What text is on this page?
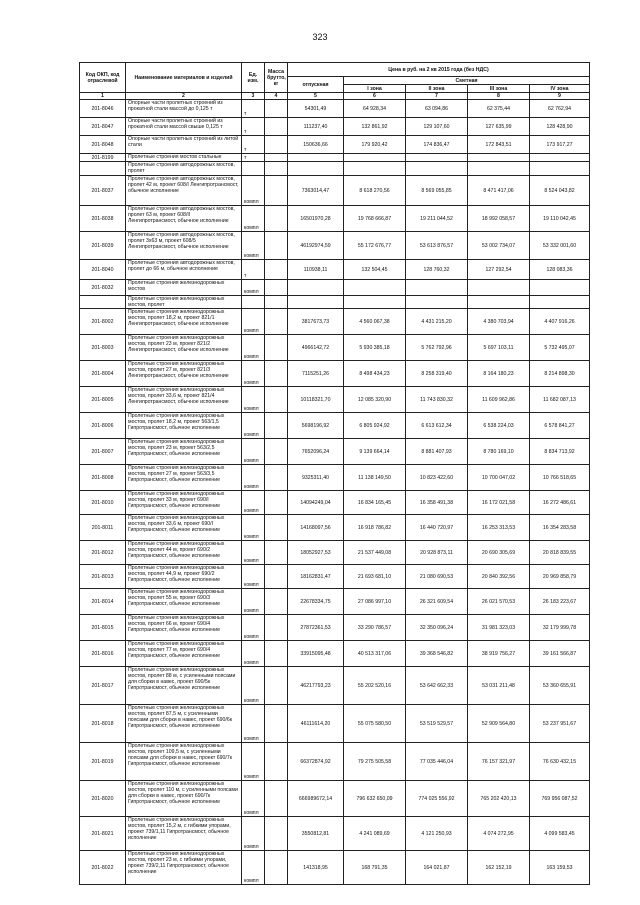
323
Код ОКП, код отраслевой	Наименование материалов и изделий	Ед. изм.	Масса брутто, кг	Цена в руб. на 2 кв 2015 года (без НДС)				
				отпускная	Сметная			
					I зона	II зона	III зона	IV зона
1	2	3	4	5	6	7	8	9
201-8046	Опорные части пролетных строений из прокатной стали массой до 0,125 т	т		54301,49	64 928,34	63 094,86	62 375,44	62 762,94
201-8047	Опорные части пролетных строений из прокатной стали массой свыше 0,125 т	т		111237,40	132 861,92	129 107,60	127 635,99	128 428,90
201-8048	Опорные части пролетных строений из литой стали	т		150636,66	179 920,42	174 836,47	172 843,51	173 917,27
201-8199	Пролетные строения мостов стальные	т						
	Пролетные строения автодорожных мостов, пролет							
201-8037	Пролетные строения автодорожных мостов, пролет 42 м, проект 608/I Ленгипротрансмост, обычное исполнение	компл		7363014,47	8 618 270,56	8 569 055,85	8 471 417,06	8 524 043,82
201-8038	Пролетные строения автодорожных мостов, пролет 63 м, проект 608/II Ленгипротрансмост, обычное исполнение	компл		16501970,28	19 768 666,87	19 211 044,52	18 992 058,57	19 110 042,45
201-8039	Пролетные строения автодорожных мостов, пролет 3х63 м, проект 608/5 Ленгипротрансмост, обычное исполнение	компл		46192974,59	55 172 676,77	53 613 876,57	53 002 734,07	53 332 001,60
201-8040	Пролетные строения автодорожных мостов, пролет до 66 м, обычное исполнение	т		110938,11	132 504,45	128 760,32	127 292,54	128 083,36
201-8032	Пролетные строения железнодорожных мостов	компл						
	Пролетные строения железнодорожных мостов, пролет							
201-8002	Пролетные строения железнодорожных мостов, пролет 18,2 м, проект 821/1 Ленгипротрансмост, обычное исполнение	компл		3817673,73	4 560 067,38	4 431 215,20	4 380 703,94	4 407 916,26
201-8003	Пролетные строения железнодорожных мостов, пролет 23 м, проект 821/2 Ленгипротрансмост, обычное исполнение	компл		4966142,72	5 930 385,18	5 762 792,96	5 697 103,11	5 732 495,07
201-8004	Пролетные строения железнодорожных мостов, пролет 27 м, проект 821/3 Ленгипротрансмост, обычное исполнение	компл		7115251,26	8 498 434,23	8 258 319,40	8 164 180,23	8 214 898,30
201-8005	Пролетные строения железнодорожных мостов, пролет 33,6 м, проект 821/4 Ленгипротрансмост, обычное исполнение	компл		10118321,70	12 085 320,90	11 743 830,32	11 609 962,86	11 682 087,13
201-8006	Пролетные строения железнодорожных мостов, пролет 18,2 м, проект 563/1,5 Гипротрансмост, обычное исполнение	компл		5698196,92	6 805 924,92	6 613 612,34	6 538 224,03	6 578 841,27
201-8007	Пролетные строения железнодорожных мостов, пролет 23 м, проект 563/2,5 Гипротрансмост, обычное исполнение	компл		7652096,24	9 139 664,14	8 881 407,93	8 780 169,10	8 834 713,92
201-8008	Пролетные строения железнодорожных мостов, пролет 27 м, проект 563/3,5 Гипротрансмост, обычное исполнение	компл		9325311,40	11 138 149,50	10 823 422,60	10 700 047,02	10 766 518,65
201-8010	Пролетные строения железнодорожных мостов, пролет 33 м, проект 690/I Гипротрансмост, обычное исполнение	компл		14094249,04	16 834 165,45	16 358 491,38	16 172 021,58	16 272 486,61
201-8011	Пролетные строения железнодорожных мостов, пролет 33,6 м, проект 690/I Гипротрансмост, обычное исполнение	компл		14168097,56	16 918 786,82	16 440 720,97	16 253 313,53	16 354 283,58
201-8012	Пролетные строения железнодорожных мостов, пролет 44 м, проект 690/2 Гипротрансмост, обычное исполнение	компл		18052927,53	21 537 449,08	20 928 873,11	20 690 305,69	20 818 839,55
201-8013	Пролетные строения железнодорожных мостов, пролет 44,9 м, проект 690/2 Гипротрансмост, обычное исполнение	компл		18162831,47	21 693 681,10	21 080 690,53	20 840 392,56	20 969 858,79
201-8014	Пролетные строения железнодорожных мостов, пролет 55 м, проект 690/3 Гипротрансмост, обычное исполнение	компл		22678334,75	27 086 997,10	26 321 609,54	26 021 570,53	26 183 223,67
201-8015	Пролетные строения железнодорожных мостов, пролет 66 м, проект 690/4 Гипротрансмост, обычное исполнение	компл		27872361,53	33 290 786,57	32 350 096,24	31 981 323,03	32 179 999,78
201-8016	Пролетные строения железнодорожных мостов, пролет 77 м, проект 690/4 Гипротрансмост, обычное исполнение	компл		33915095,48	40 513 317,06	39 368 546,82	38 919 756,27	39 161 566,87
201-8017	Пролетные строения железнодорожных мостов, пролет 88 м, с усиленными поясами для сборки в навес, проект 690/5к Гипротрансмост, обычное исполнение	компл		46217793,23	55 202 520,16	53 642 662,33	53 031 211,48	53 360 655,91
201-8018	Пролетные строения железнодорожных мостов, пролет 87,5 м, с усиленными поясами для сборки в навес, проект 690/6к Гипротрансмост, обычное исполнение	компл		46111614,20	55 075 580,50	53 519 529,57	52 909 564,80	53 237 951,67
201-8019	Пролетные строения железнодорожных мостов, пролет 109,5 м, с усиленными поясами для сборки в навес, проект 690/7к Гипротрансмост, обычное исполнение	компл		66372874,92	79 275 505,58	77 035 446,04	76 157 321,97	76 630 432,15
201-8020	Пролетные строения железнодорожных мостов, пролет 110 м, с усиленными поясами для сборки в навес, проект 690/7к Гипротрансмост, обычное исполнение	компл		666989672,14	796 632 650,09	774 025 556,92	765 202 420,13	769 956 087,52
201-8021	Пролетные строения железнодорожных мостов, пролет 15,2 м, с гибкими упорами, проект 739/1,11 Гипротрансмост, обычное исполнение	компл		3550812,81	4 241 089,69	4 121 250,93	4 074 272,95	4 099 583,45
201-8022	Пролетные строения железнодорожных мостов, пролет 23 м, с гибкими упорами, проект 739/2,11 Гипротрансмост, обычное исполнение	компл		141318,95	168 791,35	164 021,87	162 152,19	163 159,53
